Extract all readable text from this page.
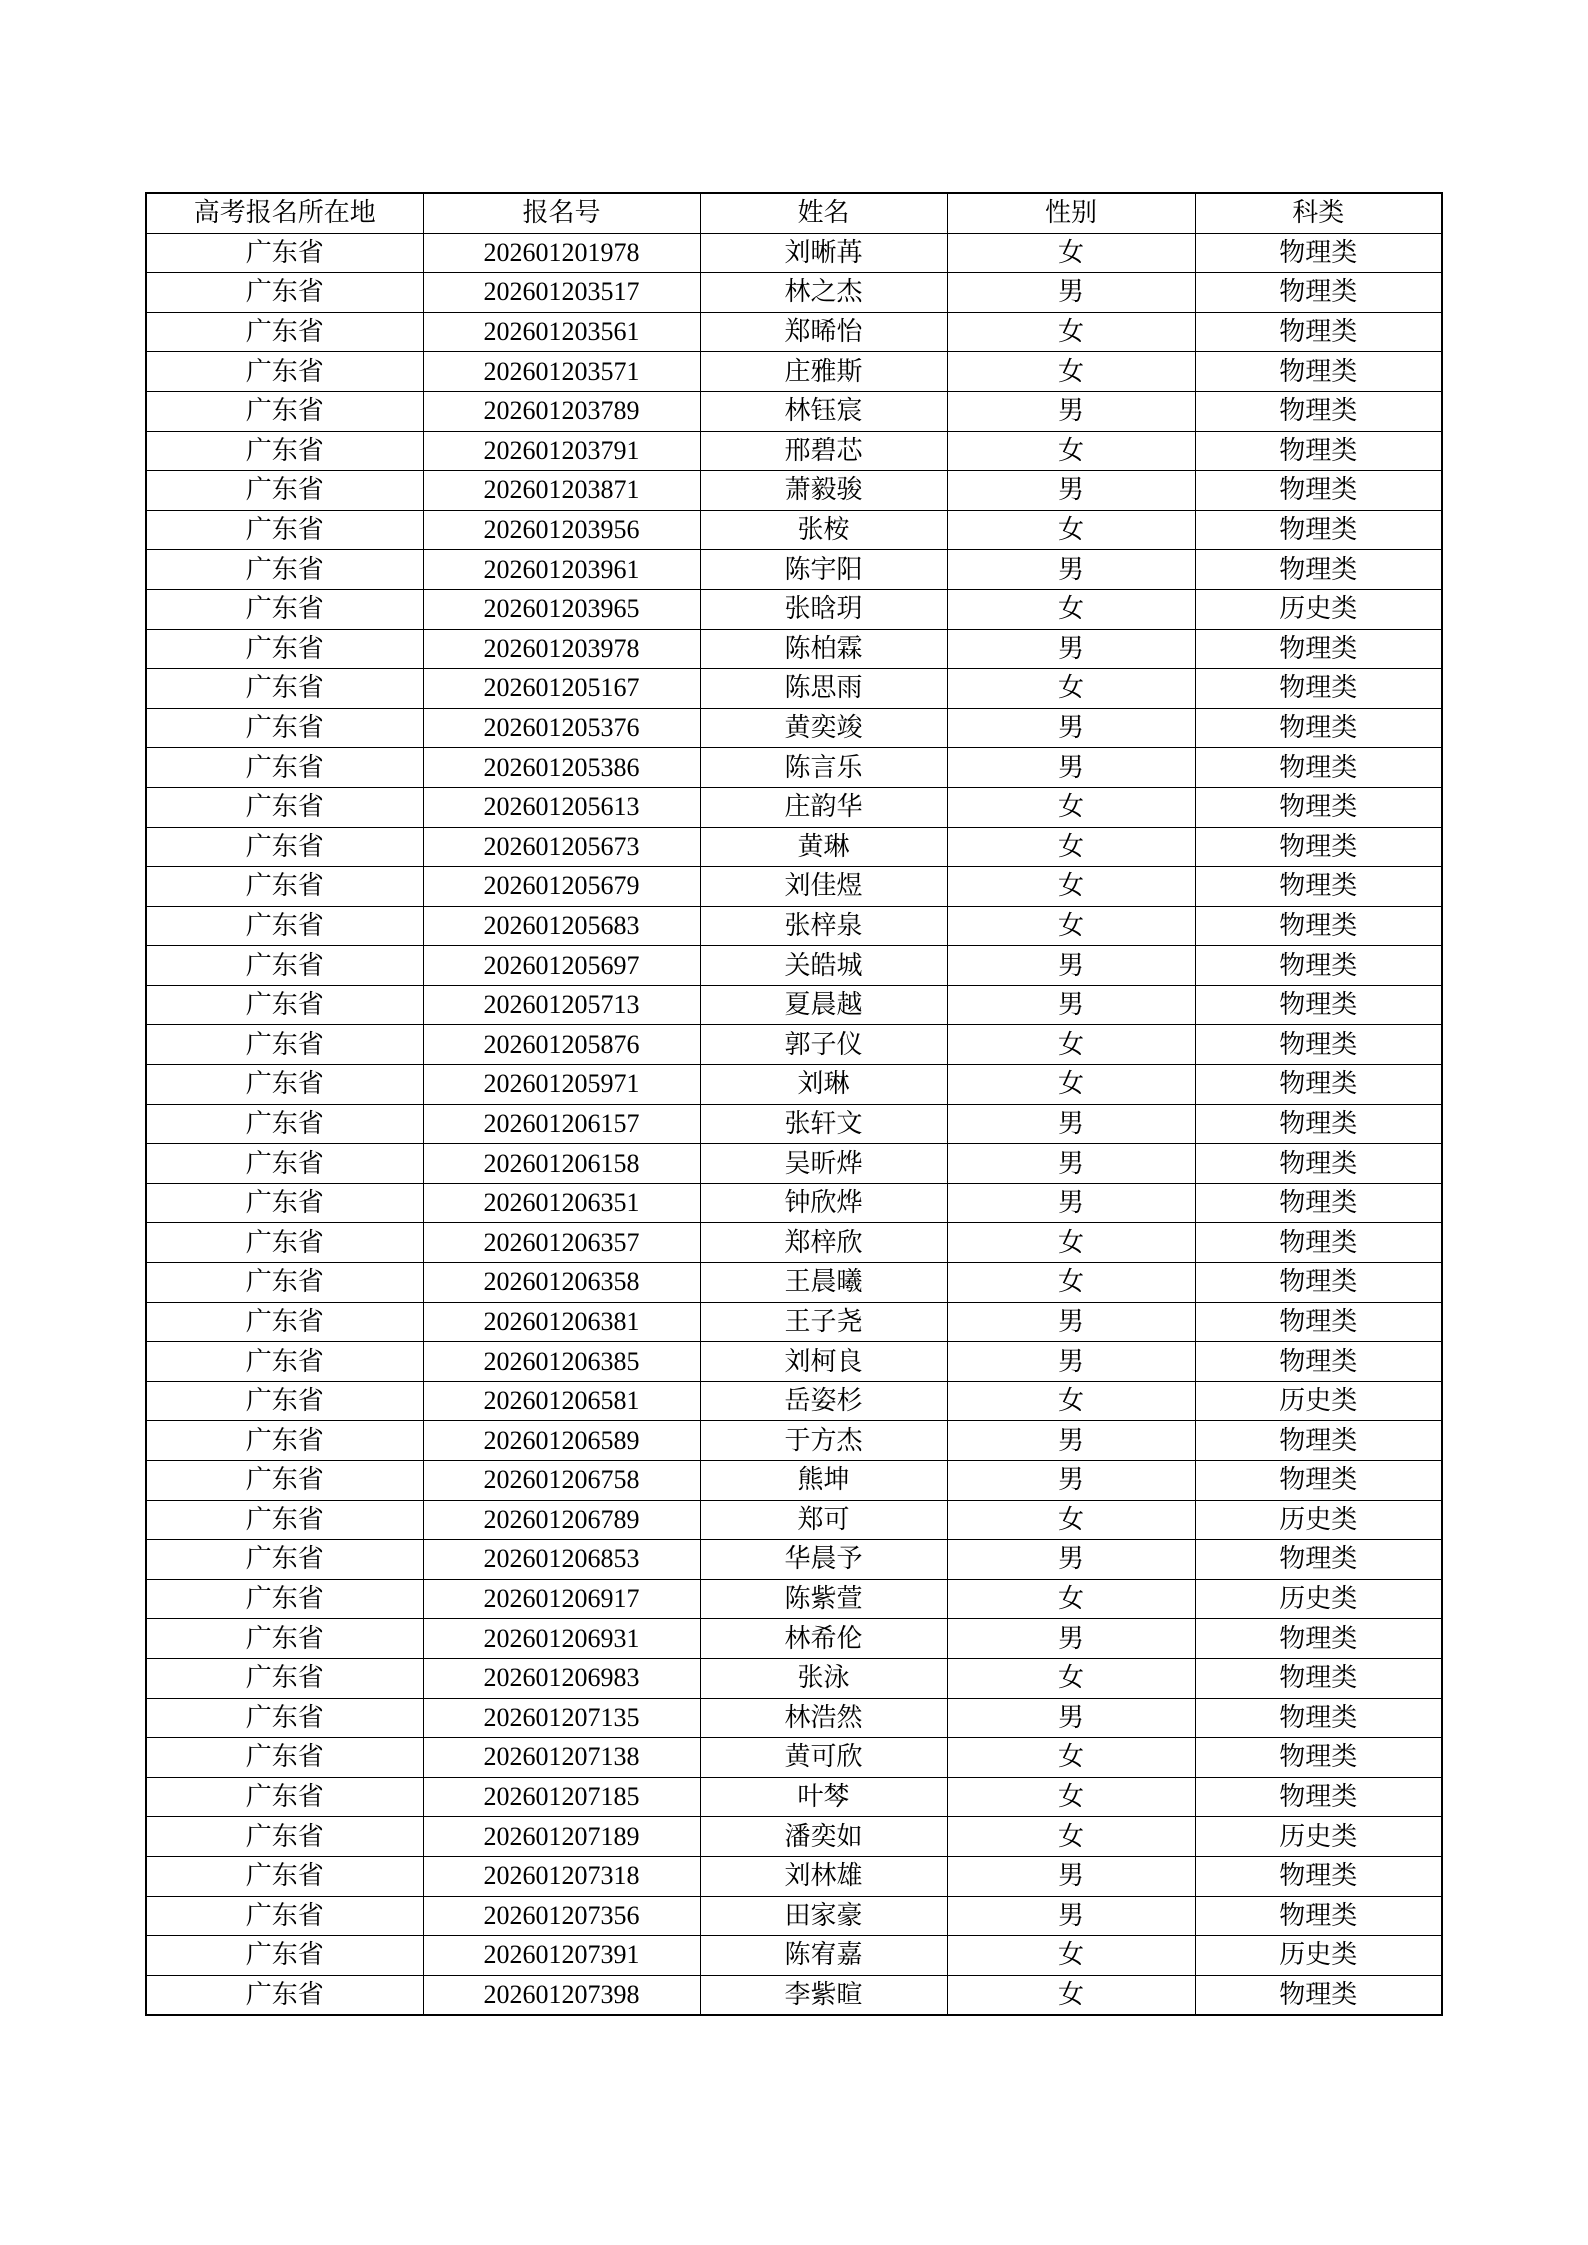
高考报名所在地	报名号	姓名	性别	科类
广东省	202601201978	刘晰苒	女	物理类
广东省	202601203517	林之杰	男	物理类
广东省	202601203561	郑晞怡	女	物理类
广东省	202601203571	庄雅斯	女	物理类
广东省	202601203789	林钰宸	男	物理类
广东省	202601203791	邢碧芯	女	物理类
广东省	202601203871	萧毅骏	男	物理类
广东省	202601203956	张桉	女	物理类
广东省	202601203961	陈宇阳	男	物理类
广东省	202601203965	张晗玥	女	历史类
广东省	202601203978	陈柏霖	男	物理类
广东省	202601205167	陈思雨	女	物理类
广东省	202601205376	黄奕竣	男	物理类
广东省	202601205386	陈言乐	男	物理类
广东省	202601205613	庄韵华	女	物理类
广东省	202601205673	黄琳	女	物理类
广东省	202601205679	刘佳煜	女	物理类
广东省	202601205683	张梓泉	女	物理类
广东省	202601205697	关皓城	男	物理类
广东省	202601205713	夏晨越	男	物理类
广东省	202601205876	郭子仪	女	物理类
广东省	202601205971	刘琳	女	物理类
广东省	202601206157	张轩文	男	物理类
广东省	202601206158	吴昕烨	男	物理类
广东省	202601206351	钟欣烨	男	物理类
广东省	202601206357	郑梓欣	女	物理类
广东省	202601206358	王晨曦	女	物理类
广东省	202601206381	王子尧	男	物理类
广东省	202601206385	刘柯良	男	物理类
广东省	202601206581	岳姿杉	女	历史类
广东省	202601206589	于方杰	男	物理类
广东省	202601206758	熊坤	男	物理类
广东省	202601206789	郑可	女	历史类
广东省	202601206853	华晨予	男	物理类
广东省	202601206917	陈紫萱	女	历史类
广东省	202601206931	林希伦	男	物理类
广东省	202601206983	张泳	女	物理类
广东省	202601207135	林浩然	男	物理类
广东省	202601207138	黄可欣	女	物理类
广东省	202601207185	叶棽	女	物理类
广东省	202601207189	潘奕如	女	历史类
广东省	202601207318	刘林雄	男	物理类
广东省	202601207356	田家豪	男	物理类
广东省	202601207391	陈宥嘉	女	历史类
广东省	202601207398	李紫暄	女	物理类
